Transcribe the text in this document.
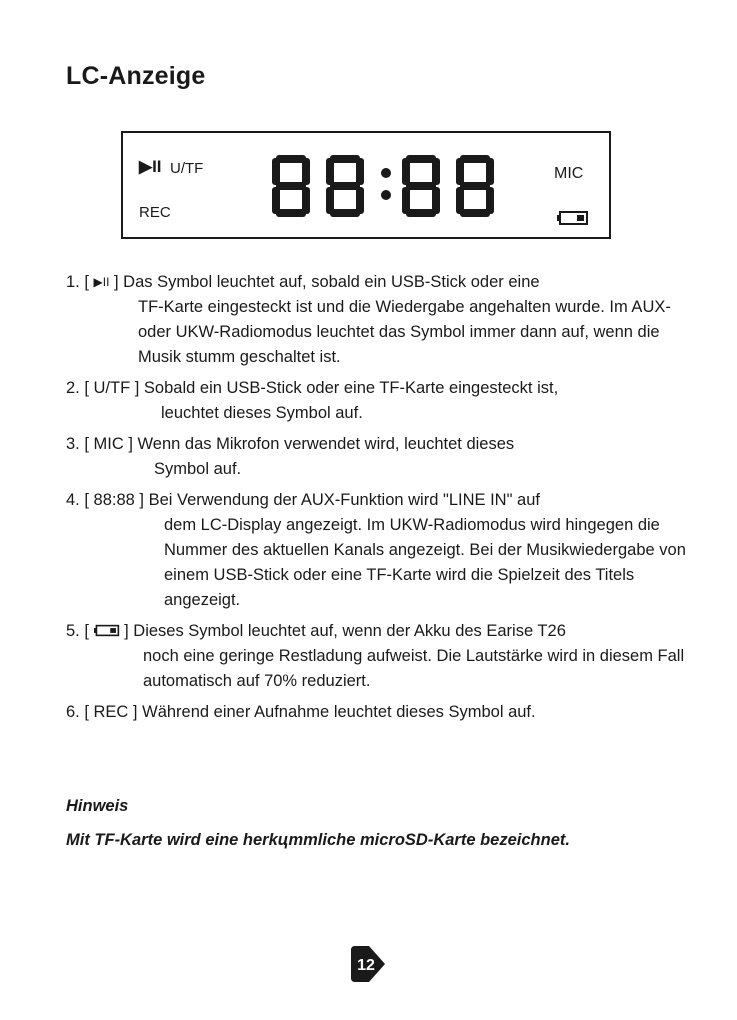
LC-Anzeige
▶II U/TF
REC
MIC

1. [ ▶II ] Das Symbol leuchtet auf, sobald ein USB-Stick oder eine

TF-Karte eingesteckt ist und die Wiedergabe angehalten wurde. Im AUX- oder UKW-Radiomodus leuchtet das Symbol immer dann auf, wenn die Musik stumm geschaltet ist.

2. [ U/TF ] Sobald ein USB-Stick oder eine TF-Karte eingesteckt ist,

leuchtet dieses Symbol auf.

3. [ MIC ] Wenn das Mikrofon verwendet wird, leuchtet dieses

Symbol auf.

4. [ 88:88 ] Bei Verwendung der AUX-Funktion wird "LINE IN" auf

dem LC-Display angezeigt. Im UKW-Radiomodus wird hingegen die Nummer des aktuellen Kanals angezeigt. Bei der Musikwiedergabe von einem USB-Stick oder eine TF-Karte wird die Spielzeit des Titels angezeigt.

5. [  ] Dieses Symbol leuchtet auf, wenn der Akku des Earise T26

noch eine geringe Restladung aufweist. Die Lautstärke wird in diesem Fall automatisch auf 70% reduziert.

6. [ REC ] Während einer Aufnahme leuchtet dieses Symbol auf.

Hinweis
Mit TF-Karte wird eine herkцmmliche microSD-Karte bezeichnet.
12
